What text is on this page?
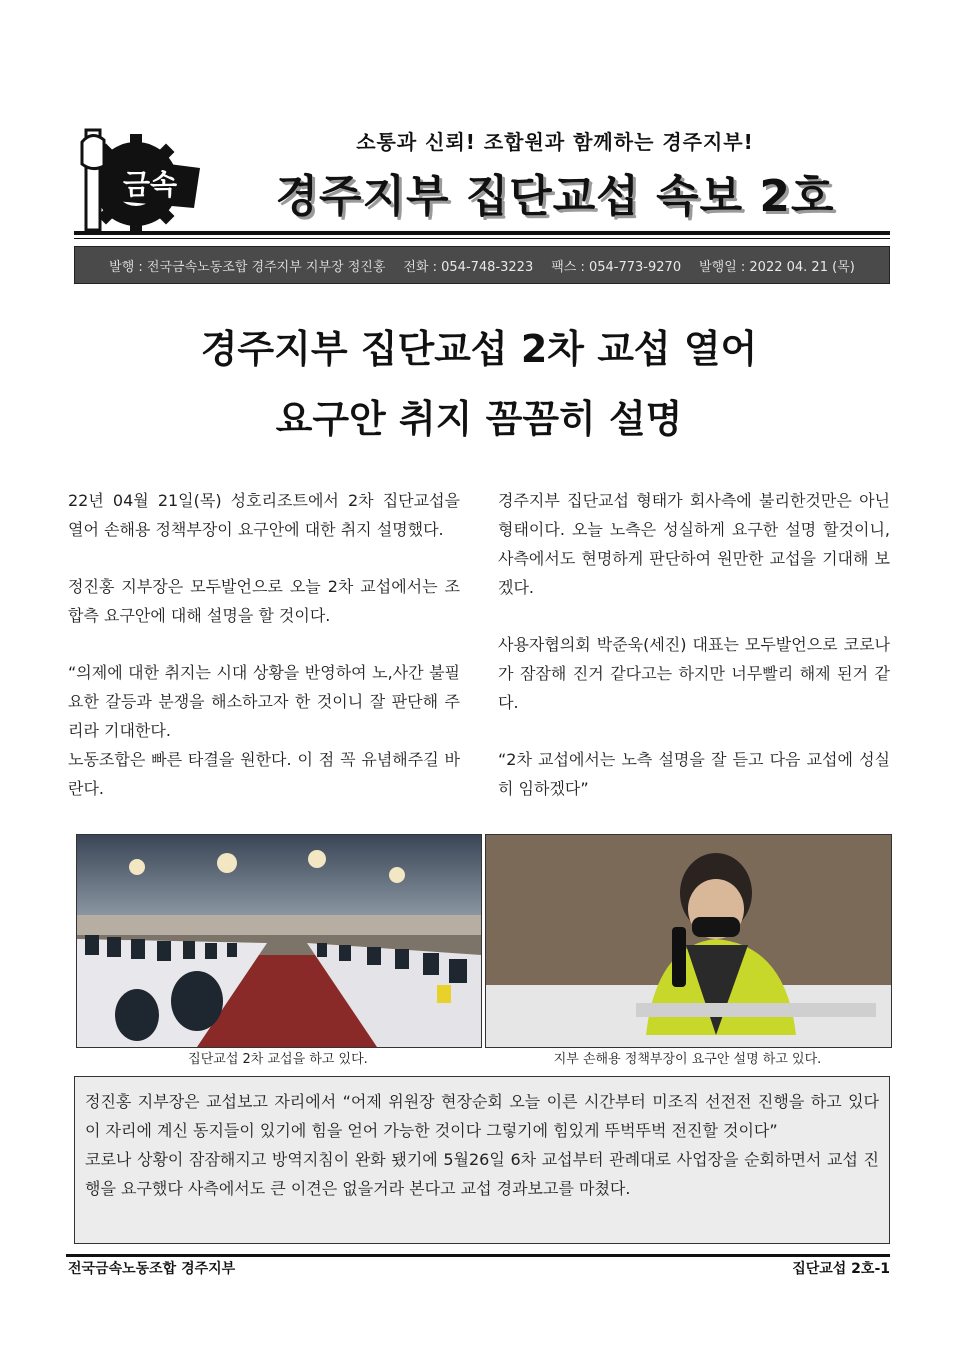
금속
소통과 신뢰! 조합원과 함께하는 경주지부!
경주지부 집단교섭 속보 2호
발행 : 전국금속노동조합 경주지부 지부장 정진홍 전화 : 054-748-3223 팩스 : 054-773-9270 발행일 : 2022 04. 21 (목)
경주지부 집단교섭 2차 교섭 열어
요구안 취지 꼼꼼히 설명

22년 04월 21일(목) 성호리조트에서 2차 집단교섭을 열어 손해용 정책부장이 요구안에 대한 취지 설명했다.

정진홍 지부장은 모두발언으로 오늘 2차 교섭에서는 조합측 요구안에 대해 설명을 할 것이다.

“의제에 대한 취지는 시대 상황을 반영하여 노,사간 불필요한 갈등과 분쟁을 해소하고자 한 것이니 잘 판단해 주리라 기대한다.

노동조합은 빠른 타결을 원한다. 이 점 꼭 유념해주길 바란다.

경주지부 집단교섭 형태가 회사측에 불리한것만은 아닌 형태이다. 오늘 노측은 성실하게 요구한 설명 할것이니, 사측에서도 현명하게 판단하여 원만한 교섭을 기대해 보겠다.

사용자협의회 박준욱(세진) 대표는 모두발언으로 코로나가 잠잠해 진거 같다고는 하지만 너무빨리 해제 된거 같다.

“2차 교섭에서는 노측 설명을 잘 듣고 다음 교섭에 성실히 임하겠다”

집단교섭 2차 교섭을 하고 있다.	지부 손해용 정책부장이 요구안 설명 하고 있다.
정진홍 지부장은 교섭보고 자리에서 “어제 위원장 현장순회 오늘 이른 시간부터 미조직 선전전 진행을 하고 있다 이 자리에 계신 동지들이 있기에 힘을 얻어 가능한 것이다 그렇기에 힘있게 뚜벅뚜벅 전진할 것이다”
코로나 상황이 잠잠해지고 방역지침이 완화 됐기에 5월26일 6차 교섭부터 관례대로 사업장을 순회하면서 교섭 진행을 요구했다 사측에서도 큰 이견은 없을거라 본다고 교섭 경과보고를 마쳤다.
전국금속노동조합 경주지부	집단교섭 2호-1
